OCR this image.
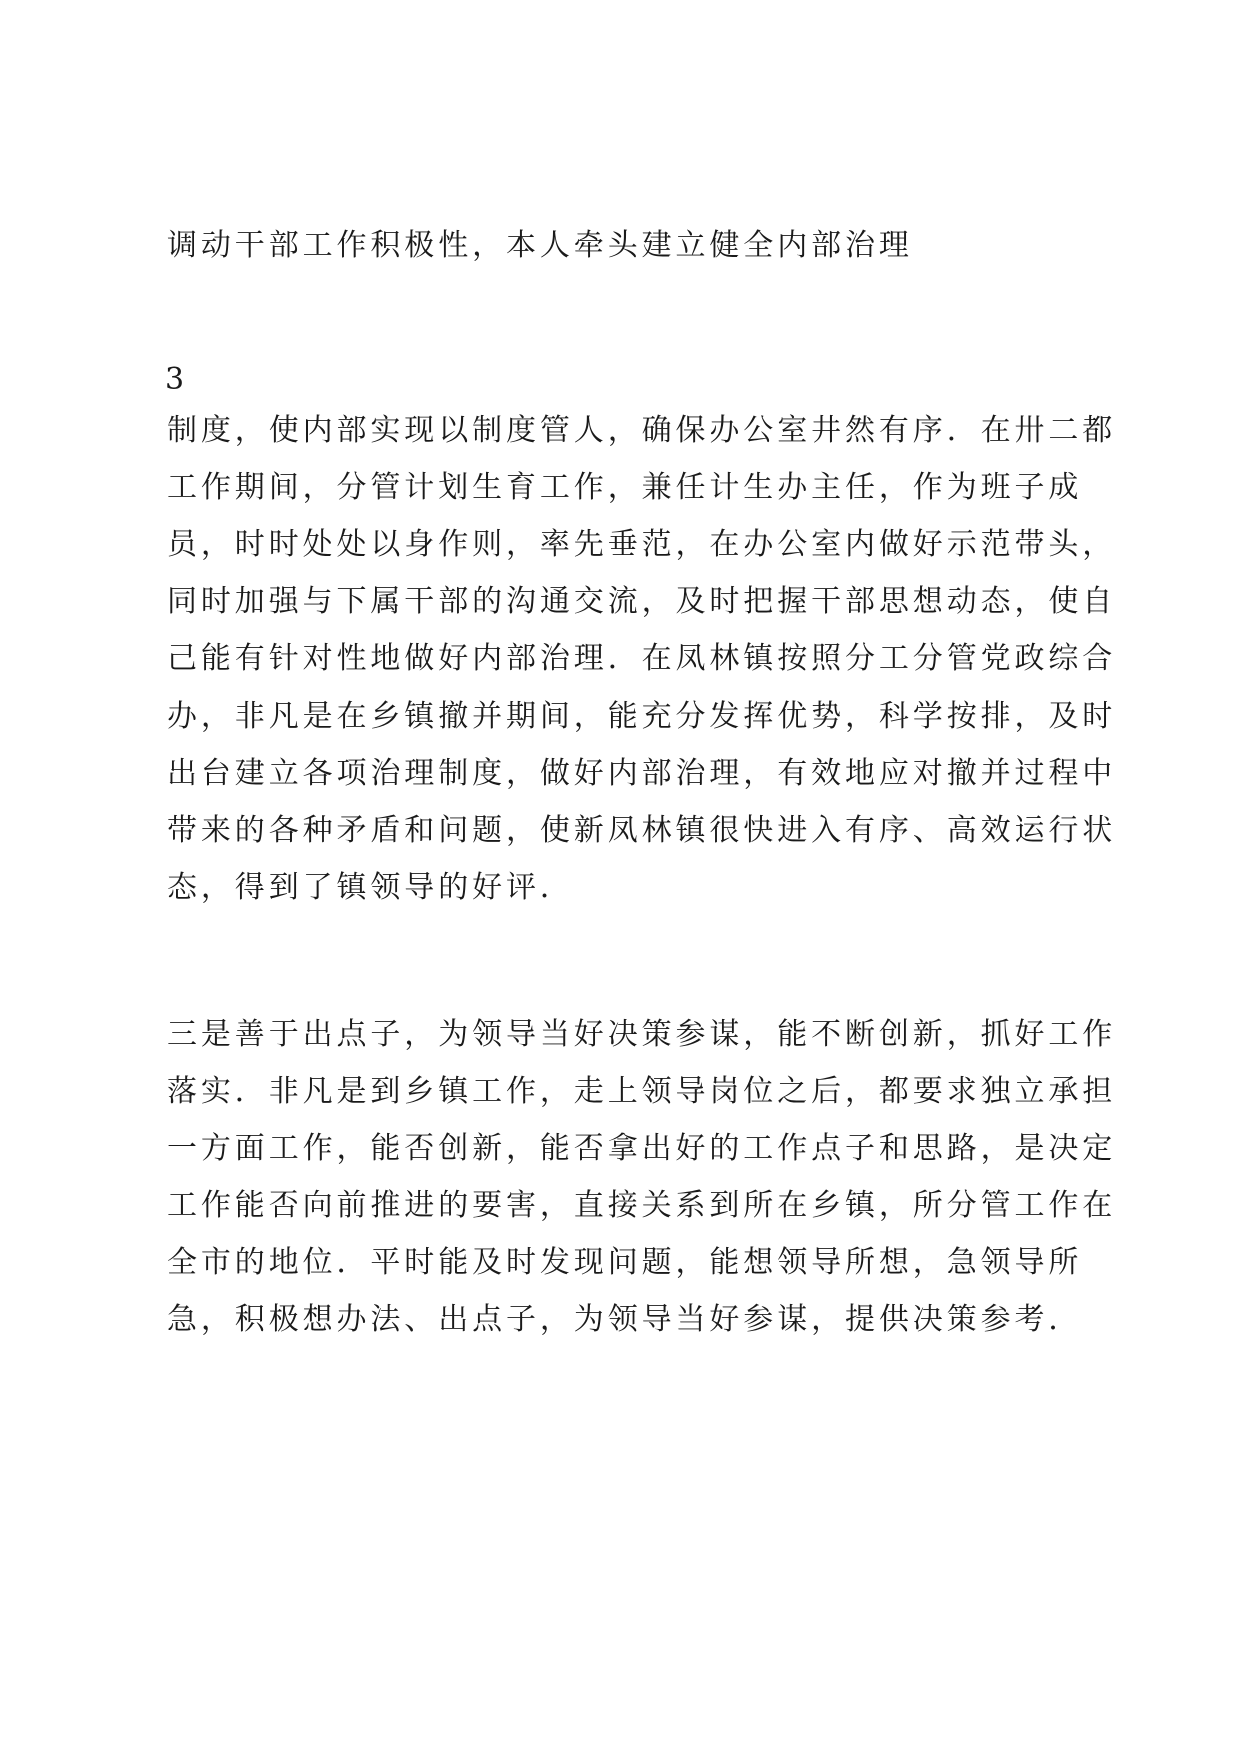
调动干部工作积极性，本人牵头建立健全内部治理
3
制度，使内部实现以制度管人，确保办公室井然有序．在卅二都
工作期间，分管计划生育工作，兼任计生办主任，作为班子成
员，时时处处以身作则，率先垂范，在办公室内做好示范带头，
同时加强与下属干部的沟通交流，及时把握干部思想动态，使自
己能有针对性地做好内部治理．在凤林镇按照分工分管党政综合
办，非凡是在乡镇撤并期间，能充分发挥优势，科学按排，及时
出台建立各项治理制度，做好内部治理，有效地应对撤并过程中
带来的各种矛盾和问题，使新凤林镇很快进入有序、高效运行状
态，得到了镇领导的好评．
三是善于出点子，为领导当好决策参谋，能不断创新，抓好工作
落实．非凡是到乡镇工作，走上领导岗位之后，都要求独立承担
一方面工作，能否创新，能否拿出好的工作点子和思路，是决定
工作能否向前推进的要害，直接关系到所在乡镇，所分管工作在
全市的地位．平时能及时发现问题，能想领导所想，急领导所
急，积极想办法、出点子，为领导当好参谋，提供决策参考．
